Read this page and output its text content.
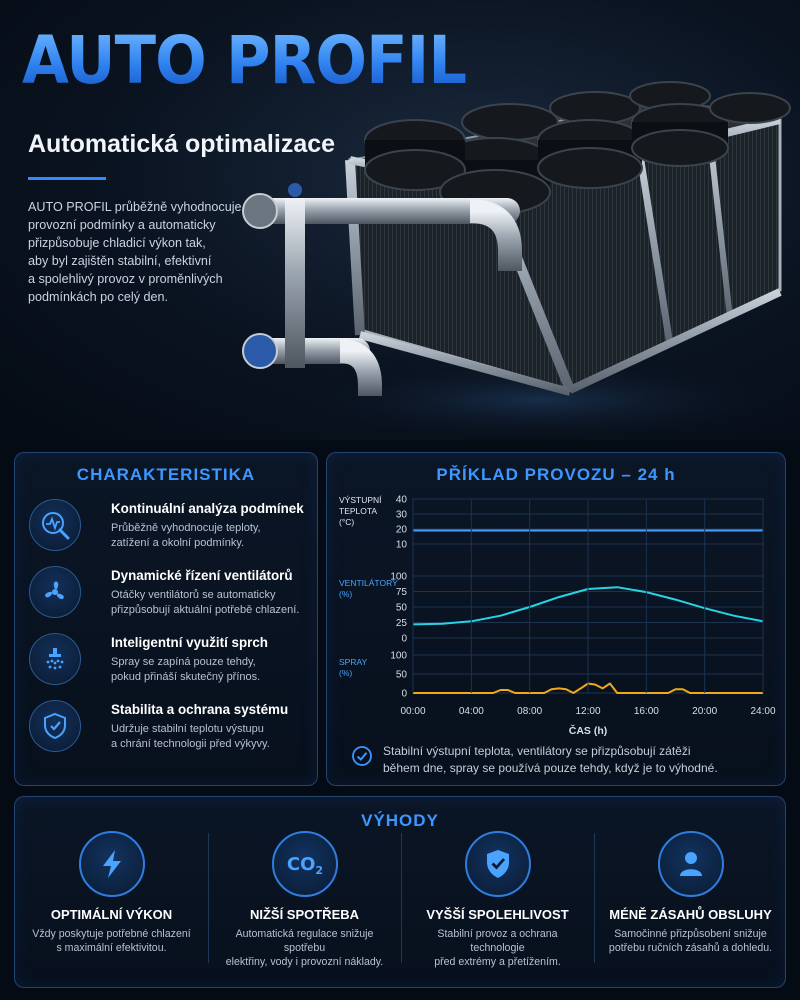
AUTO PROFIL
Automatická optimalizace
AUTO PROFIL průběžně vyhodnocuje
provozní podmínky a automaticky
přizpůsobuje chladicí výkon tak,
aby byl zajištěn stabilní, efektivní
a spolehlivý provoz v proměnlivých
podmínkách po celý den.
CHARAKTERISTIKA
Kontinuální analýza podmínek
Průběžně vyhodnocuje teploty,
zatížení a okolní podmínky.
Dynamické řízení ventilátorů
Otáčky ventilátorů se automaticky
přizpůsobují aktuální potřebě chlazení.
Inteligentní využití sprch
Spray se zapíná pouze tehdy,
pokud přináší skutečný přínos.
Stabilita a ochrana systému
Udržuje stabilní teplotu výstupu
a chrání technologii před výkyvy.
PŘÍKLAD PROVOZU – 24 h
40
30
20
10
VÝSTUPNÍ
TEPLOTA
(°C)
100
75
50
25
0
VENTILÁTORY
(%)
100
50
0
SPRAY
(%)
00:00	04:00	08:00	12:00	16:00	20:00	24:00
ČAS (h)
Stabilní výstupní teplota, ventilátory se přizpůsobují zátěži
během dne, spray se používá pouze tehdy, když je to výhodné.
VÝHODY
OPTIMÁLNÍ VÝKON
Vždy poskytuje potřebné chlazení
s maximální efektivitou.
CO 2
NIŽŠÍ SPOTŘEBA
Automatická regulace snižuje spotřebu
elektřiny, vody i provozní náklady.
VYŠŠÍ SPOLEHLIVOST
Stabilní provoz a ochrana technologie
před extrémy a přetížením.
MÉNĚ ZÁSAHŮ OBSLUHY
Samočinné přizpůsobení snižuje
potřebu ručních zásahů a dohledu.
